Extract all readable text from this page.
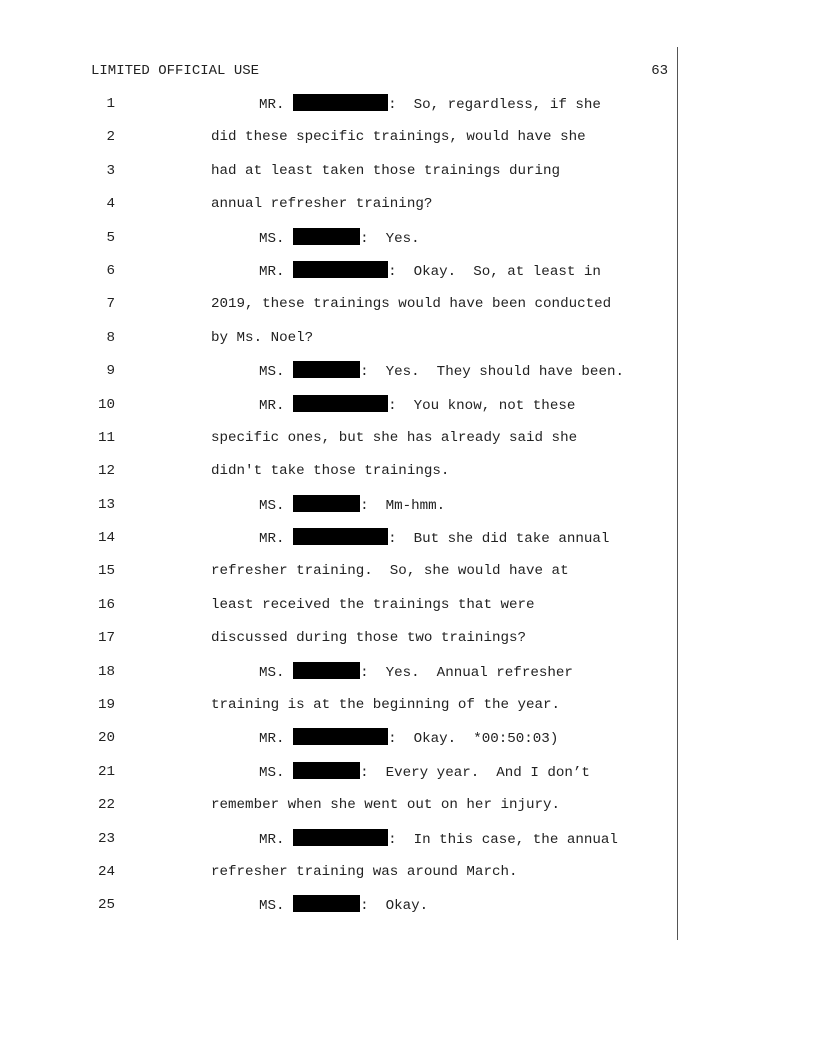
LIMITED OFFICIAL USE	63
1	MR.	:  So, regardless, if she
2	did these specific trainings, would have she
3	had at least taken those trainings during
4	annual refresher training?
5	MS.	:  Yes.
6	MR.	:  Okay.  So, at least in
7	2019, these trainings would have been conducted
8	by Ms. Noel?
9	MS.	:  Yes.  They should have been.
10	MR.	:  You know, not these
11	specific ones, but she has already said she
12	didn't take those trainings.
13	MS.	:  Mm-hmm.
14	MR.	:  But she did take annual
15	refresher training.  So, she would have at
16	least received the trainings that were
17	discussed during those two trainings?
18	MS.	:  Yes.  Annual refresher
19	training is at the beginning of the year.
20	MR.	:  Okay.  *00:50:03)
21	MS.	:  Every year.  And I don’t
22	remember when she went out on her injury.
23	MR.	:  In this case, the annual
24	refresher training was around March.
25	MS.	:  Okay.
